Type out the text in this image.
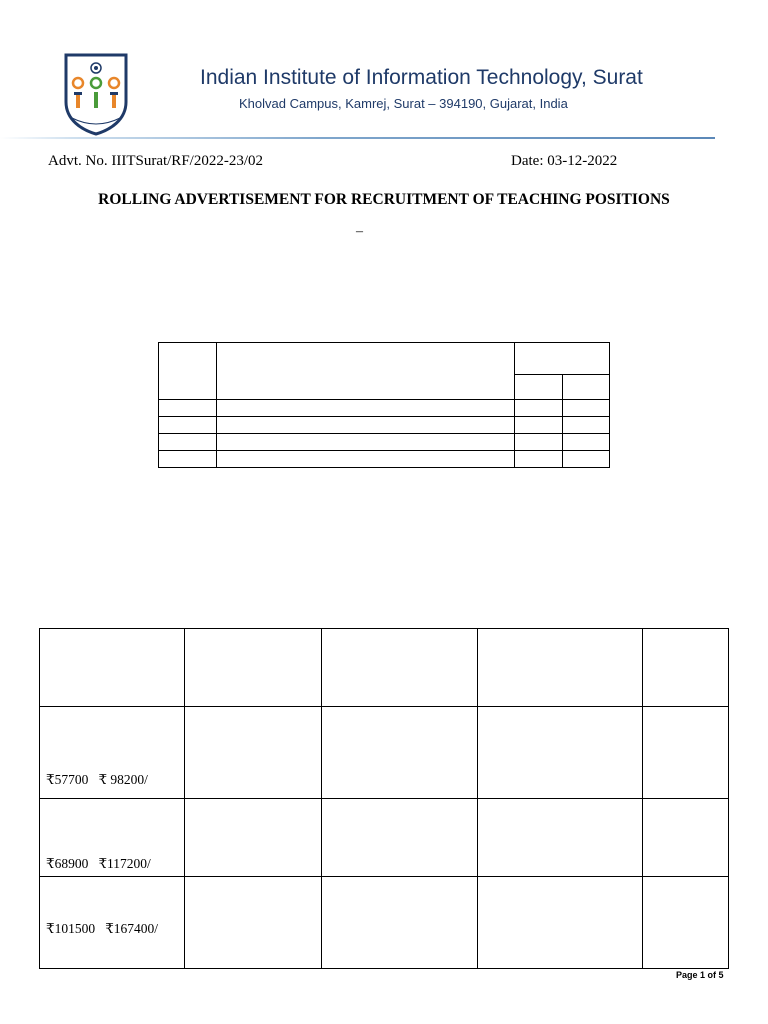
Indian Institute of Information Technology, Surat
Kholvad Campus, Kamrej, Surat – 394190, Gujarat, India
Advt. No. IIITSurat/RF/2022-23/02	Date: 03-12-2022
ROLLING ADVERTISEMENT FOR RECRUITMENT OF TEACHING POSITIONS
–

₹57700 ₹ 98200/				
₹68900 ₹117200/				
₹101500 ₹167400/				
Page 1 of 5
